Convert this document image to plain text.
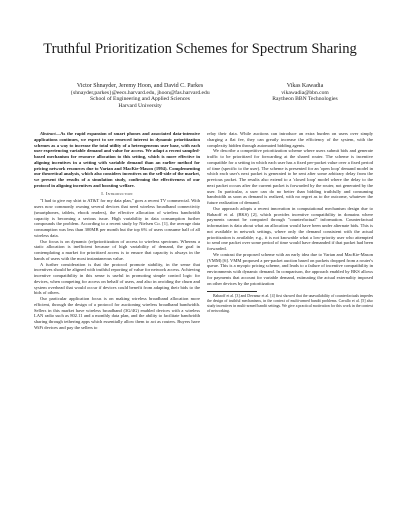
Truthful Prioritization Schemes for Spectrum Sharing
Victor Shnayder, Jeremy Hoon, and David C. Parkes
{shnayder,parkes}@eecs.harvard.edu, jhoon@fas.harvard.edu
School of Engineering and Applied Sciences
Harvard University
Vikas Kawadia
vikawadia@bbn.com
Raytheon BBN Technologies

Abstract—As the rapid expansion of smart phones and associated data-intensive applications continues, we expect to see renewed interest in dynamic prioritization schemes as a way to increase the total utility of a heterogeneous user base, with each user experiencing variable demand and value for access. We adapt a recent sampled-based mechanism for resource allocation to this setting, which is more effective in aligning incentives in a setting with variable demand than an earlier method for pricing network resources due to Varian and MacKie-Mason (1994). Complementing our theoretical analysis, which also considers incentives on the sell-side of the market, we present the results of a simulation study, confirming the effectiveness of our protocol in aligning incentives and boosting welfare.

I. Introduction

"I had to give my shirt to AT&T for my data plan," goes a recent TV commercial. With users now commonly owning several devices that need wireless broadband connectivity (smartphones, tablets, ebook readers), the effective allocation of wireless bandwidth capacity is becoming a serious issue. High variability in data consumption further compounds the problem. According to a recent study by Nielsen Co. [1], the average data consumption was less than 300MB per month but the top 6% of users consume half of all wireless data.

Our focus is on dynamic (re)prioritization of access to wireless spectrum. Whereas a static allocation is inefficient because of high variability of demand, the goal in contemplating a market for prioritized access is to ensure that capacity is always in the hands of users with the most instantaneous value.

A further consideration is that the protocol promote stability, in the sense that incentives should be aligned with truthful reporting of value for network access. Achieving incentive compatibility in this sense is useful in promoting simple control logic for devices, when competing for access on behalf of users, and also in avoiding the churn and system overhead that would occur if devices could benefit from adapting their bids to the bids of others.

Our particular application focus is on making wireless broadband allocation more efficient, through the design of a protocol for auctioning wireless broadband bandwidth. Sellers in this market have wireless broadband (3G/4G) enabled devices with a wireless LAN radio such as 802.11 and a monthly data plan, and the ability to facilitate bandwidth sharing through tethering apps which essentially allow them to act as routers. Buyers have WiFi devices and pay the sellers to

relay their data. While auctions can introduce an extra burden on users over simply charging a flat fee, they can greatly increase the efficiency of the system, with the complexity hidden through automated bidding agents.

We describe a competitive prioritization scheme where users submit bids and generate traffic to be prioritized for forwarding at the shared router. The scheme is incentive compatible for a setting in which each user has a fixed per-packet value over a fixed period of time (specific to the user). The scheme is presented for an 'open loop' demand model in which each user's next packet is generated to be sent after some arbitrary delay from the previous packet. The results also extend to a 'closed loop' model where the delay to the next packet occurs after the current packet is forwarded by the router, not generated by the user. In particular, a user can do no better than bidding truthfully and consuming bandwidth as soon as demand is realized, with no regret as to the outcome, whatever the future realization of demand.

Our approach adopts a recent innovation in computational mechanism design due to Babaoff et al. (BKS) [2], which provides incentive compatibility in domains where payments cannot be computed through "counterfactual" information. Counterfactual information is data about what an allocation would have been under alternate bids. This is not available in network settings, where only the demand consistent with the actual prioritization is available; e.g., it is not knowable what a low-priority user who attempted to send one packet over some period of time would have demanded if that packet had been forwarded.

We contrast the proposed scheme with an early idea due to Varian and MacKie-Mason (VMM) [6]. VMM proposed a per-packet auction based on packets dropped from a router's queue. This is a myopic pricing scheme, and leads to a failure of incentive compatibility in environments with dynamic demand. In comparison, the approach enabled by BKS allows for payments that account for variable demand, estimating the actual externality imposed on other devices by the prioritization

Babaoff et al. [3] and Devanur et al. [4] first showed that the unavailability of counterfactuals impedes the design of truthful mechanisms, in the context of multi-armed bandit problems. Cavallo et al. [5] also study incentives in multi-armed bandit settings. We give a practical motivation for this work in the context of networking.
